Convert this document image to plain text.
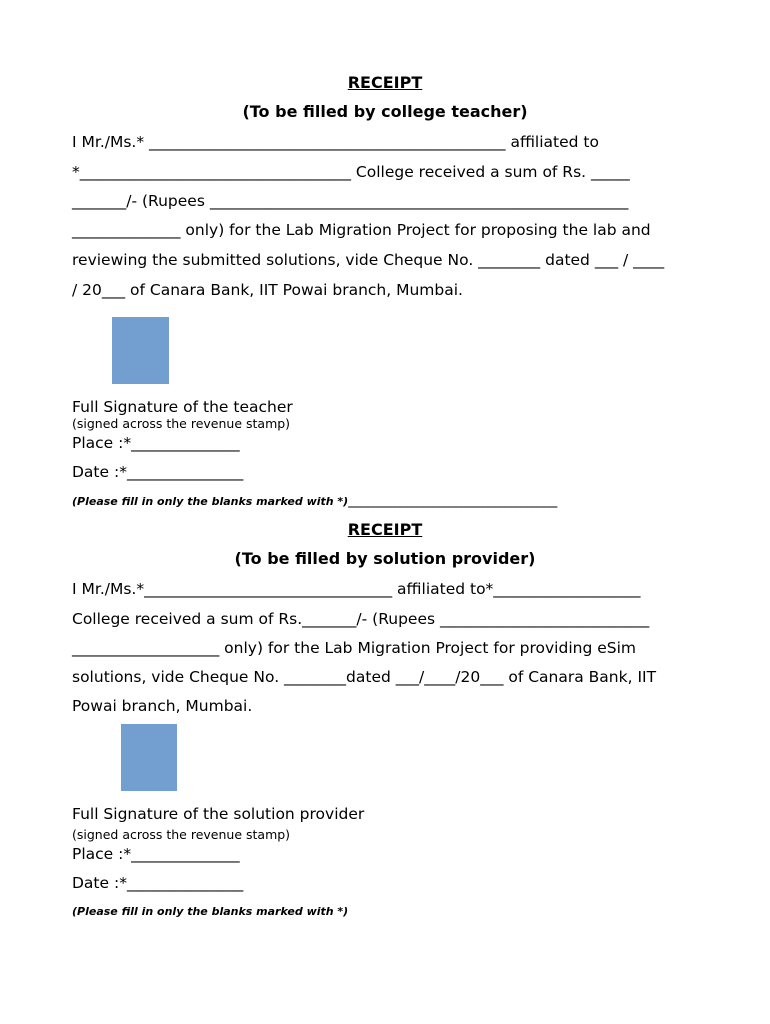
RECEIPT
(To be filled by college teacher)
I Mr./Ms.* ______________________________________________ affiliated to
*___________________________________ College received a sum of Rs. _____
_______/- (Rupees ______________________________________________________
______________ only) for the Lab Migration Project for proposing the lab and
reviewing the submitted solutions, vide Cheque No. ________ dated ___ / ____
/ 20___ of Canara Bank, IIT Powai branch, Mumbai.
Full Signature of the teacher
(signed across the revenue stamp)
Place :*______________
Date :*_______________
(Please fill in only the blanks marked with *)______________________________________
RECEIPT
(To be filled by solution provider)
I Mr./Ms.*________________________________ affiliated to*___________________
College received a sum of Rs._______/- (Rupees ___________________________
___________________ only) for the Lab Migration Project for providing eSim
solutions, vide Cheque No. ________dated ___/____/20___ of Canara Bank, IIT
Powai branch, Mumbai.
Full Signature of the solution provider
(signed across the revenue stamp)
Place :*______________
Date :*_______________
(Please fill in only the blanks marked with *)
